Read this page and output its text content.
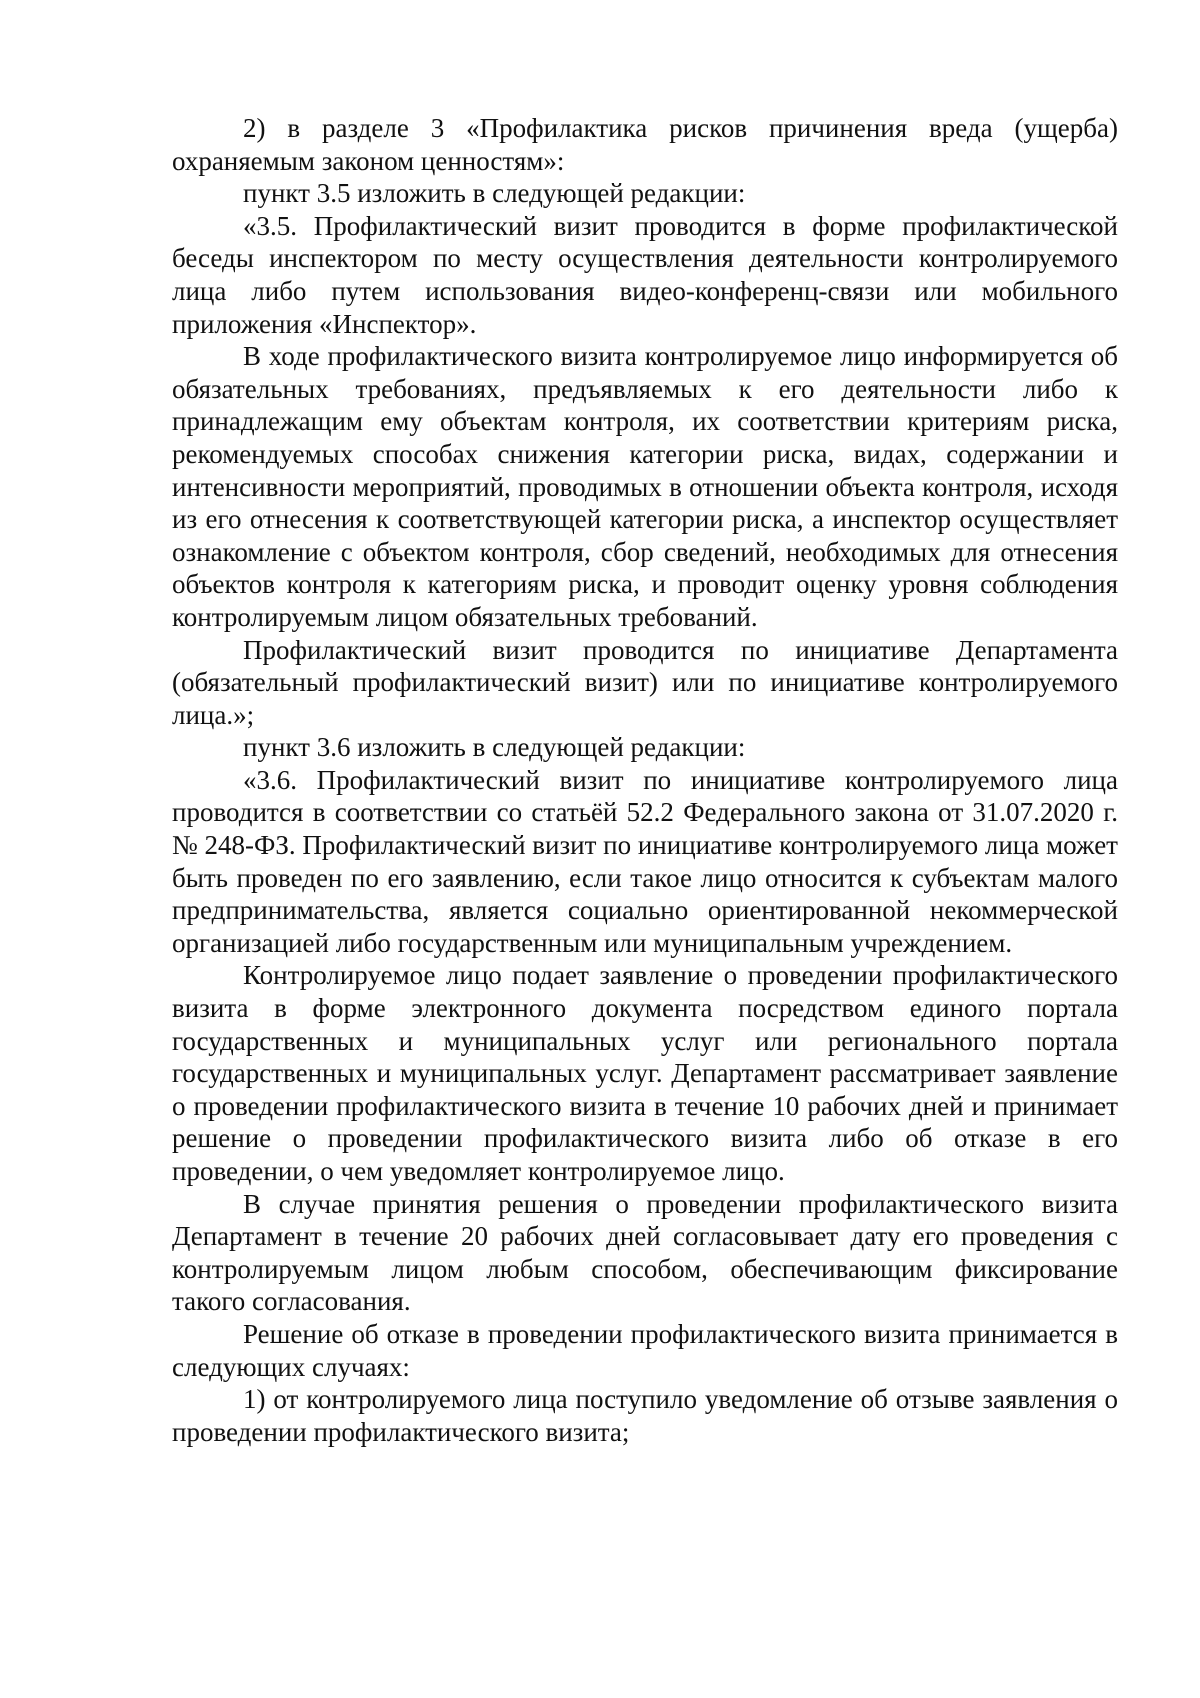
2) в разделе 3 «Профилактика рисков причинения вреда (ущерба) охраняемым законом ценностям»:

пункт 3.5 изложить в следующей редакции:

«3.5. Профилактический визит проводится в форме профилактической беседы инспектором по месту осуществления деятельности контролируемого лица либо путем использования видео-конференц-связи или мобильного приложения «Инспектор».

В ходе профилактического визита контролируемое лицо информируется об обязательных требованиях, предъявляемых к его деятельности либо к принадлежащим ему объектам контроля, их соответствии критериям риска, рекомендуемых способах снижения категории риска, видах, содержании и интенсивности мероприятий, проводимых в отношении объекта контроля, исходя из его отнесения к соответствующей категории риска, а инспектор осуществляет ознакомление с объектом контроля, сбор сведений, необходимых для отнесения объектов контроля к категориям риска, и проводит оценку уровня соблюдения контролируемым лицом обязательных требований.

Профилактический визит проводится по инициативе Департамента (обязательный профилактический визит) или по инициативе контролируемого лица.»;

пункт 3.6 изложить в следующей редакции:

«3.6. Профилактический визит по инициативе контролируемого лица проводится в соответствии со статьёй 52.2 Федерального закона от 31.07.2020 г. № 248-ФЗ. Профилактический визит по инициативе контролируемого лица может быть проведен по его заявлению, если такое лицо относится к субъектам малого предпринимательства, является социально ориентированной некоммерческой организацией либо государственным или муниципальным учреждением.

Контролируемое лицо подает заявление о проведении профилактического визита в форме электронного документа посредством единого портала государственных и муниципальных услуг или регионального портала государственных и муниципальных услуг. Департамент рассматривает заявление о проведении профилактического визита в течение 10 рабочих дней и принимает решение о проведении профилактического визита либо об отказе в его проведении, о чем уведомляет контролируемое лицо.

В случае принятия решения о проведении профилактического визита Департамент в течение 20 рабочих дней согласовывает дату его проведения с контролируемым лицом любым способом, обеспечивающим фиксирование такого согласования.

Решение об отказе в проведении профилактического визита принимается в следующих случаях:

1) от контролируемого лица поступило уведомление об отзыве заявления о проведении профилактического визита;
